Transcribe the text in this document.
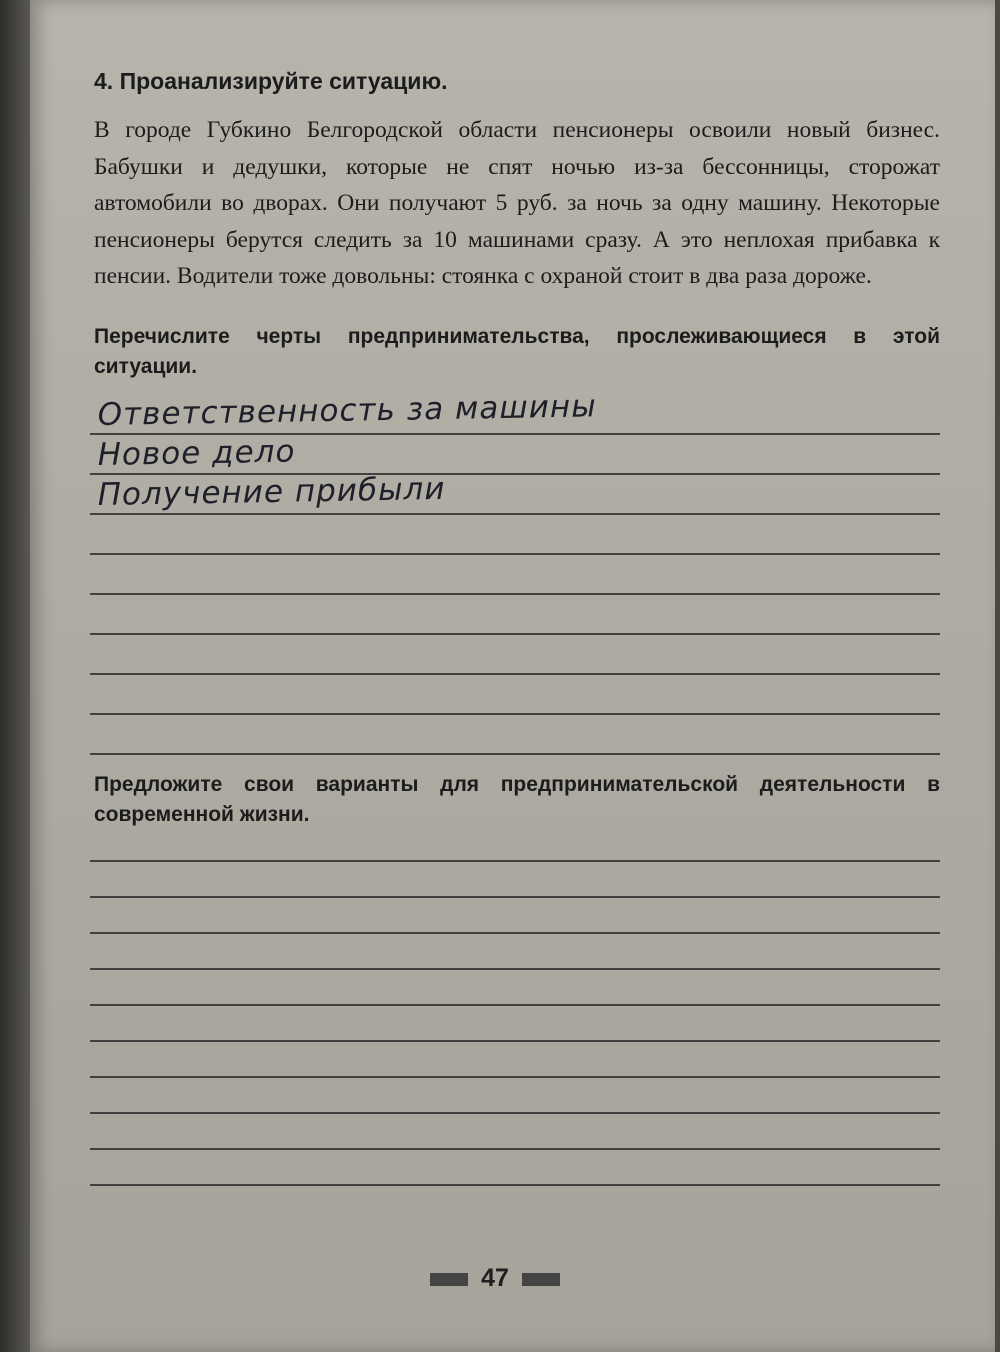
4. Проанализируйте ситуацию.
В городе Губкино Белгородской области пенсионеры освоили новый бизнес. Бабушки и дедушки, которые не спят ночью из-за бессонницы, сторожат автомобили во дворах. Они получают 5 руб. за ночь за одну машину. Некоторые пенсионеры берутся следить за 10 машинами сразу. А это неплохая прибавка к пенсии. Водители тоже довольны: стоянка с охраной стоит в два раза дороже.
Перечислите черты предпринимательства, прослеживающиеся в этой ситуации.
Ответственность за машины
Новое дело
Получение прибыли
Предложите свои варианты для предпринимательской деятельности в современной жизни.
47
